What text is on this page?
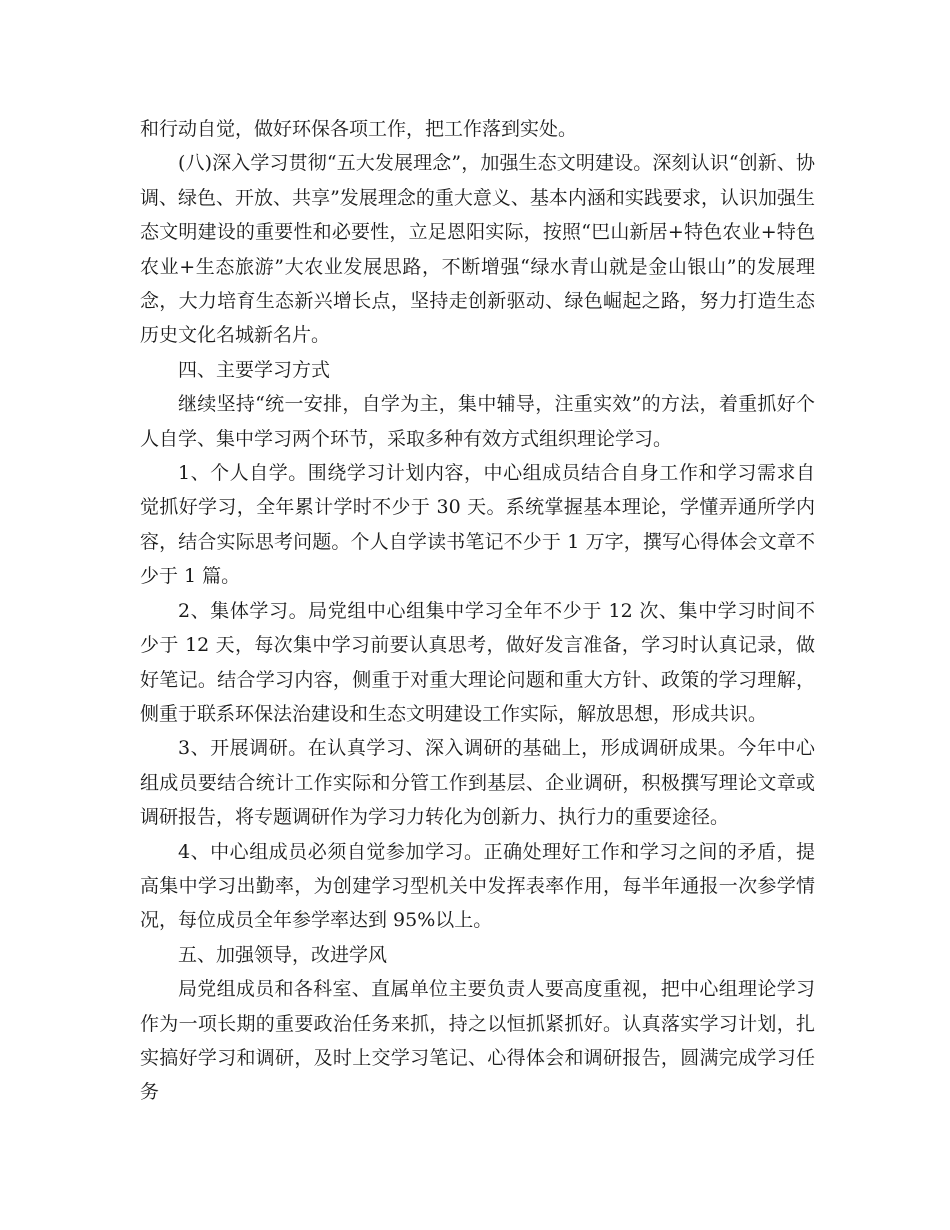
和行动自觉，做好环保各项工作，把工作落到实处。

(八)深入学习贯彻“五大发展理念”，加强生态文明建设。深刻认识“创新、协调、绿色、开放、共享”发展理念的重大意义、基本内涵和实践要求，认识加强生态文明建设的重要性和必要性，立足恩阳实际，按照“巴山新居+特色农业+特色农业+生态旅游”大农业发展思路，不断增强“绿水青山就是金山银山”的发展理念，大力培育生态新兴增长点，坚持走创新驱动、绿色崛起之路，努力打造生态历史文化名城新名片。

四、主要学习方式

继续坚持“统一安排，自学为主，集中辅导，注重实效”的方法，着重抓好个人自学、集中学习两个环节，采取多种有效方式组织理论学习。

1、个人自学。围绕学习计划内容，中心组成员结合自身工作和学习需求自觉抓好学习，全年累计学时不少于 30 天。系统掌握基本理论，学懂弄通所学内容，结合实际思考问题。个人自学读书笔记不少于 1 万字，撰写心得体会文章不少于 1 篇。

2、集体学习。局党组中心组集中学习全年不少于 12 次、集中学习时间不少于 12 天，每次集中学习前要认真思考，做好发言准备，学习时认真记录，做好笔记。结合学习内容，侧重于对重大理论问题和重大方针、政策的学习理解，侧重于联系环保法治建设和生态文明建设工作实际，解放思想，形成共识。

3、开展调研。在认真学习、深入调研的基础上，形成调研成果。今年中心组成员要结合统计工作实际和分管工作到基层、企业调研，积极撰写理论文章或调研报告，将专题调研作为学习力转化为创新力、执行力的重要途径。

4、中心组成员必须自觉参加学习。正确处理好工作和学习之间的矛盾，提高集中学习出勤率，为创建学习型机关中发挥表率作用，每半年通报一次参学情况，每位成员全年参学率达到 95%以上。

五、加强领导，改进学风

局党组成员和各科室、直属单位主要负责人要高度重视，把中心组理论学习作为一项长期的重要政治任务来抓，持之以恒抓紧抓好。认真落实学习计划，扎实搞好学习和调研，及时上交学习笔记、心得体会和调研报告，圆满完成学习任务
